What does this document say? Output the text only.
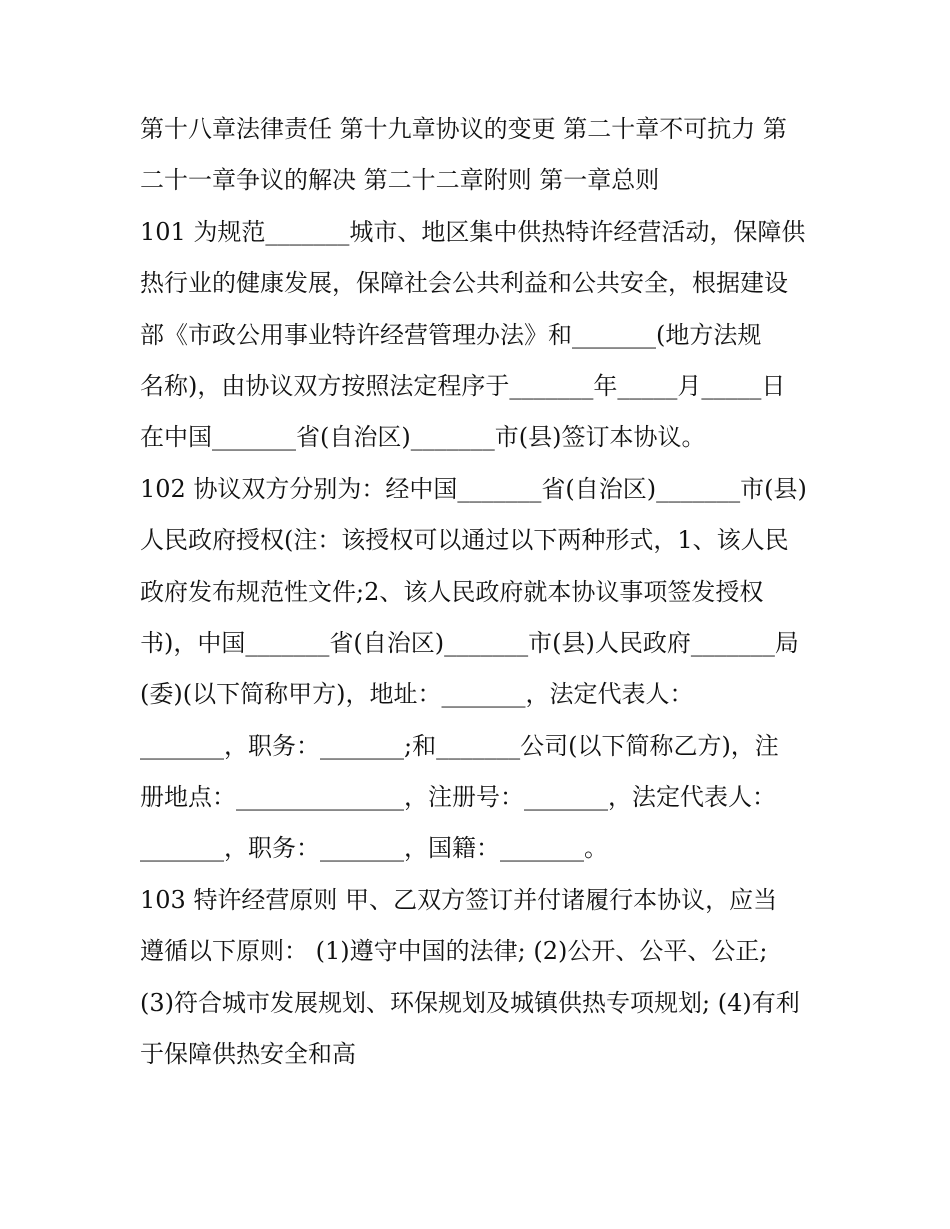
第十八章法律责任 第十九章协议的变更 第二十章不可抗力 第
二十一章争议的解决 第二十二章附则 第一章总则
101 为规范_______城市、地区集中供热特许经营活动，保障供
热行业的健康发展，保障社会公共利益和公共安全，根据建设
部《市政公用事业特许经营管理办法》和_______(地方法规
名称)，由协议双方按照法定程序于_______年_____月_____日
在中国_______省(自治区)_______市(县)签订本协议。
102 协议双方分别为：经中国_______省(自治区)_______市(县)
人民政府授权(注：该授权可以通过以下两种形式，1、该人民
政府发布规范性文件;2、该人民政府就本协议事项签发授权
书)，中国_______省(自治区)_______市(县)人民政府_______局
(委)(以下简称甲方)，地址：_______，法定代表人：
_______，职务：_______;和_______公司(以下简称乙方)，注
册地点：______________，注册号：_______，法定代表人：
_______，职务：_______，国籍：_______。
103 特许经营原则 甲、乙双方签订并付诸履行本协议，应当
遵循以下原则： (1)遵守中国的法律; (2)公开、公平、公正;
(3)符合城市发展规划、环保规划及城镇供热专项规划; (4)有利
于保障供热安全和高
